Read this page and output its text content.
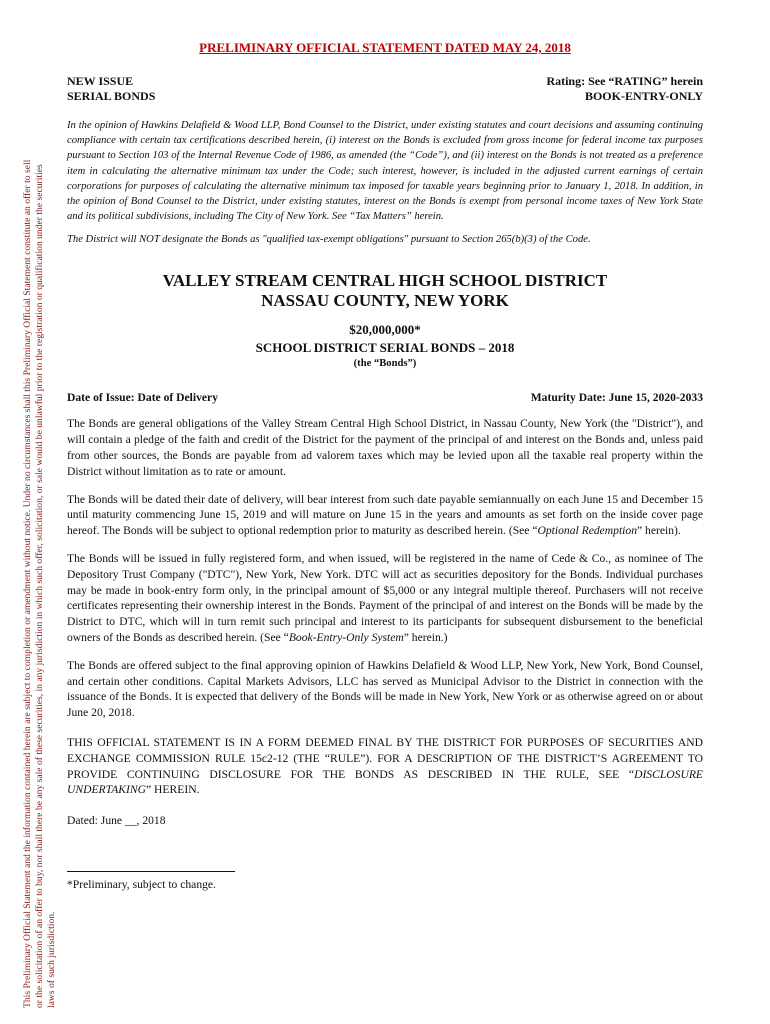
This Preliminary Official Statement and the information contained herein are subject to completion or amendment without notice. Under no circumstances shall this Preliminary Official Statement constitute an offer to sell or the solicitation of an offer to buy, nor shall there be any sale of these securities, in any jurisdiction in which such offer, solicitation, or sale would be unlawful prior to the registration or qualification under the securities laws of such jurisdiction.
PRELIMINARY OFFICIAL STATEMENT DATED MAY 24, 2018
NEW ISSUE
SERIAL BONDS
Rating: See “RATING” herein
BOOK-ENTRY-ONLY
In the opinion of Hawkins Delafield & Wood LLP, Bond Counsel to the District, under existing statutes and court decisions and assuming continuing compliance with certain tax certifications described herein, (i) interest on the Bonds is excluded from gross income for federal income tax purposes pursuant to Section 103 of the Internal Revenue Code of 1986, as amended (the “Code”), and (ii) interest on the Bonds is not treated as a preference item in calculating the alternative minimum tax under the Code; such interest, however, is included in the adjusted current earnings of certain corporations for purposes of calculating the alternative minimum tax imposed for taxable years beginning prior to January 1, 2018. In addition, in the opinion of Bond Counsel to the District, under existing statutes, interest on the Bonds is exempt from personal income taxes of New York State and its political subdivisions, including The City of New York. See “Tax Matters” herein.
The District will NOT designate the Bonds as "qualified tax-exempt obligations" pursuant to Section 265(b)(3) of the Code.
VALLEY STREAM CENTRAL HIGH SCHOOL DISTRICT
NASSAU COUNTY, NEW YORK
$20,000,000*
SCHOOL DISTRICT SERIAL BONDS – 2018
(the “Bonds”)
Date of Issue: Date of Delivery	Maturity Date: June 15, 2020-2033

The Bonds are general obligations of the Valley Stream Central High School District, in Nassau County, New York (the "District"), and will contain a pledge of the faith and credit of the District for the payment of the principal of and interest on the Bonds and, unless paid from other sources, the Bonds are payable from ad valorem taxes which may be levied upon all the taxable real property within the District without limitation as to rate or amount.

The Bonds will be dated their date of delivery, will bear interest from such date payable semiannually on each June 15 and December 15 until maturity commencing June 15, 2019 and will mature on June 15 in the years and amounts as set forth on the inside cover page hereof. The Bonds will be subject to optional redemption prior to maturity as described herein. (See “Optional Redemption” herein).

The Bonds will be issued in fully registered form, and when issued, will be registered in the name of Cede & Co., as nominee of The Depository Trust Company ("DTC"), New York, New York. DTC will act as securities depository for the Bonds. Individual purchases may be made in book-entry form only, in the principal amount of $5,000 or any integral multiple thereof. Purchasers will not receive certificates representing their ownership interest in the Bonds. Payment of the principal of and interest on the Bonds will be made by the District to DTC, which will in turn remit such principal and interest to its participants for subsequent disbursement to the beneficial owners of the Bonds as described herein. (See “Book-Entry-Only System” herein.)

The Bonds are offered subject to the final approving opinion of Hawkins Delafield & Wood LLP, New York, New York, Bond Counsel, and certain other conditions. Capital Markets Advisors, LLC has served as Municipal Advisor to the District in connection with the issuance of the Bonds. It is expected that delivery of the Bonds will be made in New York, New York or as otherwise agreed on or about June 20, 2018.

THIS OFFICIAL STATEMENT IS IN A FORM DEEMED FINAL BY THE DISTRICT FOR PURPOSES OF SECURITIES AND EXCHANGE COMMISSION RULE 15c2-12 (THE “RULE”). FOR A DESCRIPTION OF THE DISTRICT’S AGREEMENT TO PROVIDE CONTINUING DISCLOSURE FOR THE BONDS AS DESCRIBED IN THE RULE, SEE “DISCLOSURE UNDERTAKING” HEREIN.

Dated: June __, 2018
*Preliminary, subject to change.
